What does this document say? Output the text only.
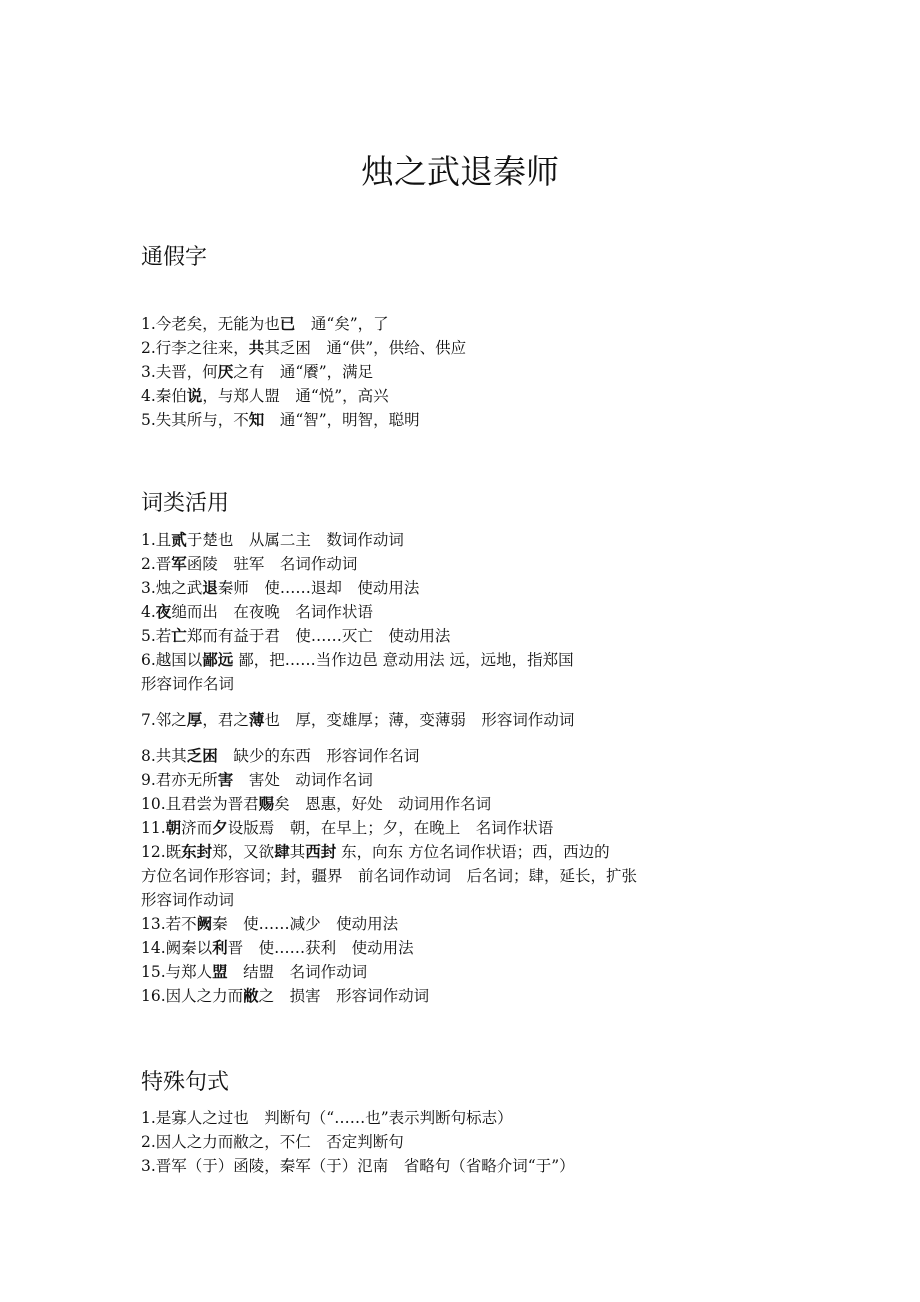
烛之武退秦师
通假字
1.今老矣，无能为也已　通“矣”，了
2.行李之往来，共其乏困　通“供”，供给、供应
3.夫晋，何厌之有　通“餍”，满足
4.秦伯说，与郑人盟　通“悦”，高兴
5.失其所与，不知　通“智”，明智，聪明
词类活用
1.且贰于楚也　从属二主　数词作动词
2.晋军函陵　驻军　名词作动词
3.烛之武退秦师　使……退却　使动用法
4.夜缒而出　在夜晚　名词作状语
5.若亡郑而有益于君　使……灭亡　使动用法
6.越国以鄙远 鄙，把……当作边邑 意动用法 远，远地，指郑国
形容词作名词
7.邻之厚，君之薄也　厚，变雄厚；薄，变薄弱　形容词作动词
8.共其乏困　缺少的东西　形容词作名词
9.君亦无所害　害处　动词作名词
10.且君尝为晋君赐矣　恩惠，好处　动词用作名词
11.朝济而夕设版焉　朝，在早上；夕，在晚上　名词作状语
12.既东封郑，又欲肆其西封 东，向东 方位名词作状语；西，西边的
方位名词作形容词；封，疆界　前名词作动词　后名词；肆，延长，扩张
形容词作动词
13.若不阙秦　使……减少　使动用法
14.阙秦以利晋　使……获利　使动用法
15.与郑人盟　结盟　名词作动词
16.因人之力而敝之　损害　形容词作动词
特殊句式
1.是寡人之过也　判断句（“……也”表示判断句标志）
2.因人之力而敝之，不仁　否定判断句
3.晋军（于）函陵，秦军（于）氾南　省略句（省略介词“于”）
